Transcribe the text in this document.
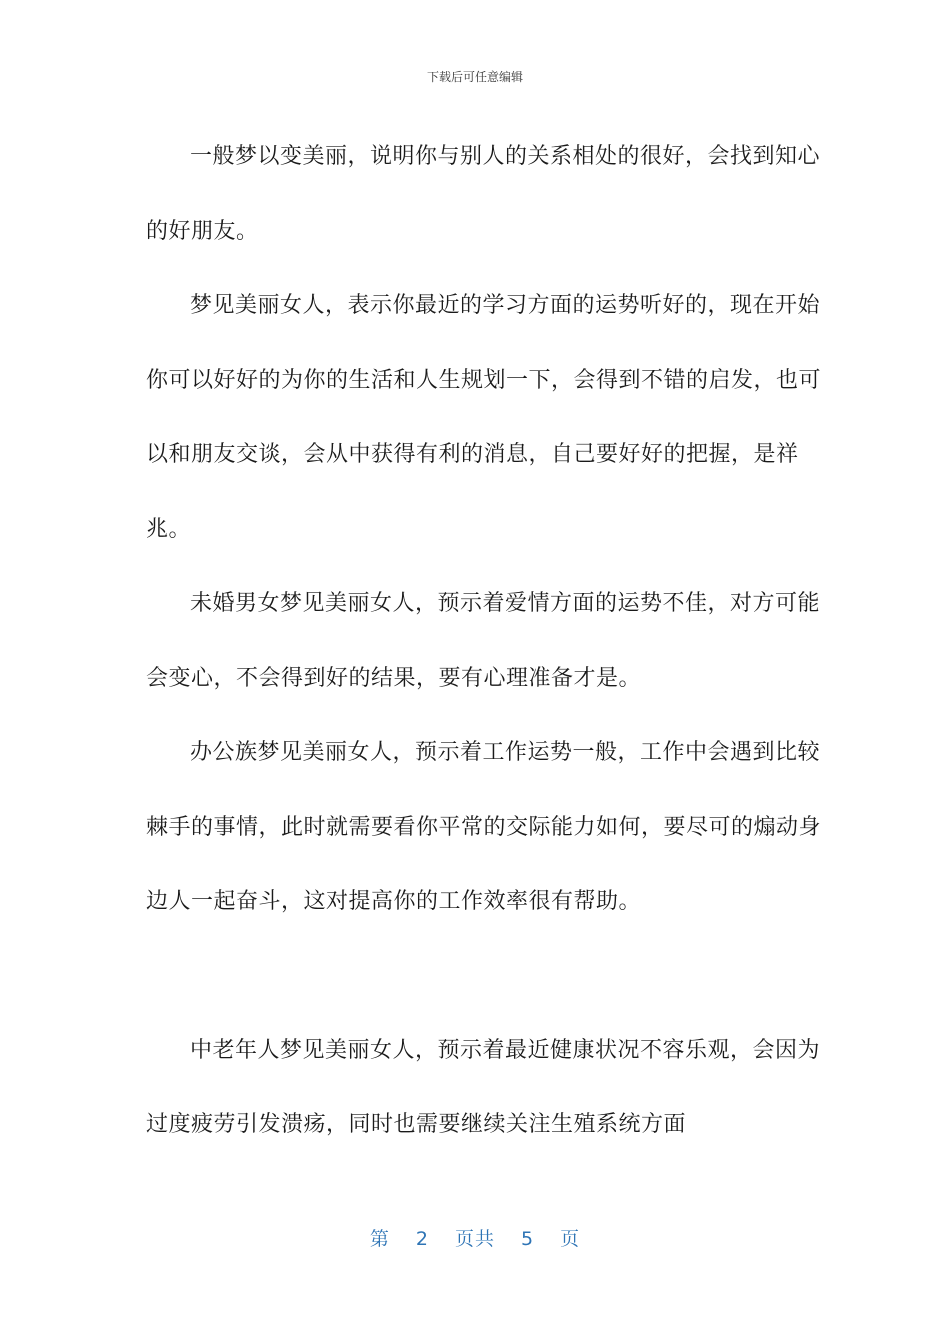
下载后可任意编辑

一般梦以变美丽，说明你与别人的关系相处的很好，会找到知心的好朋友。

梦见美丽女人，表示你最近的学习方面的运势听好的，现在开始你可以好好的为你的生活和人生规划一下，会得到不错的启发，也可以和朋友交谈，会从中获得有利的消息，自己要好好的把握，是祥兆。

未婚男女梦见美丽女人，预示着爱情方面的运势不佳，对方可能会变心，不会得到好的结果，要有心理准备才是。

办公族梦见美丽女人，预示着工作运势一般，工作中会遇到比较棘手的事情，此时就需要看你平常的交际能力如何，要尽可的煽动身边人一起奋斗，这对提高你的工作效率很有帮助。

中老年人梦见美丽女人，预示着最近健康状况不容乐观，会因为过度疲劳引发溃疡，同时也需要继续关注生殖系统方面

第 2 页共 5 页
